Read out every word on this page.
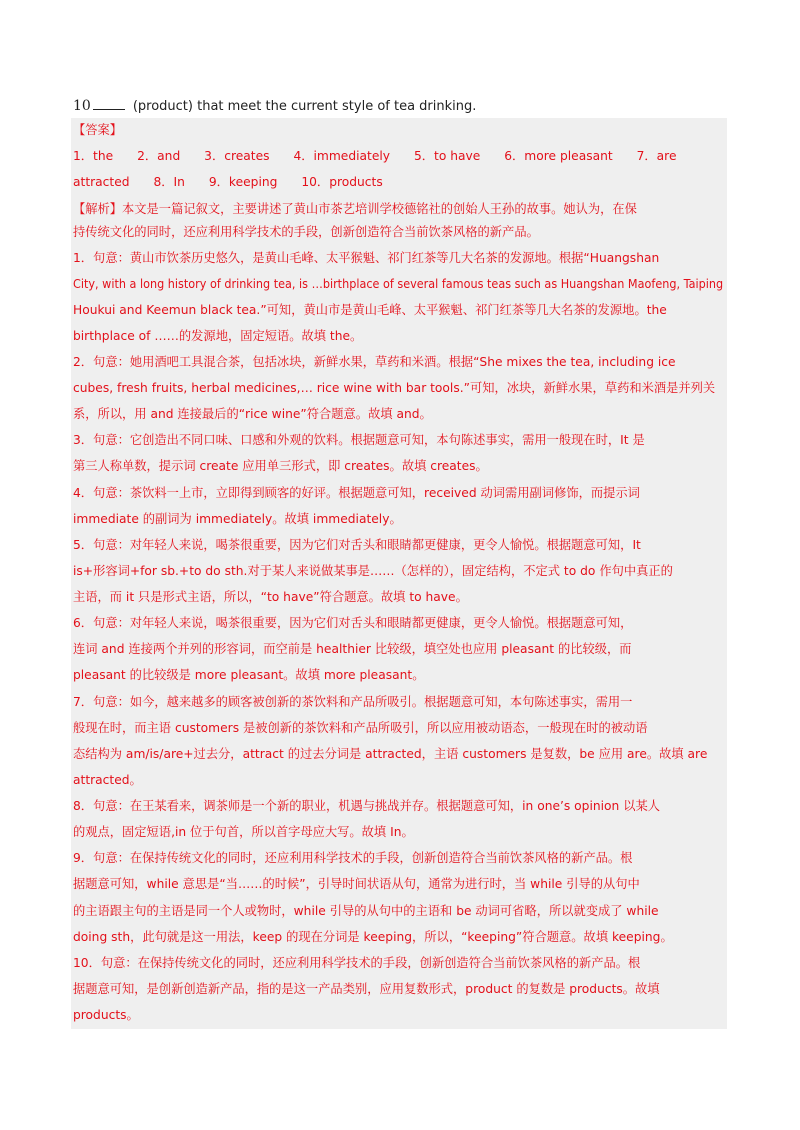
10	(product) that meet the current style of tea drinking.
【答案】
1．the 2．and 3．creates 4．immediately 5．to have 6．more pleasant 7．are
attracted 8．In 9．keeping 10．products
【解析】本文是一篇记叙文，主要讲述了黄山市茶艺培训学校德铭社的创始人王孙的故事。她认为，在保
持传统文化的同时，还应利用科学技术的手段，创新创造符合当前饮茶风格的新产品。
1．句意：黄山市饮茶历史悠久，是黄山毛峰、太平猴魁、祁门红茶等几大名茶的发源地。根据“Huangshan
City, with a long history of drinking tea, is …birthplace of several famous teas such as Huangshan Maofeng, Taiping
Houkui and Keemun black tea.”可知，黄山市是黄山毛峰、太平猴魁、祁门红茶等几大名茶的发源地。the
birthplace of ……的发源地，固定短语。故填 the。
2．句意：她用酒吧工具混合茶，包括冰块，新鲜水果，草药和米酒。根据“She mixes the tea, including ice
cubes, fresh fruits, herbal medicines,… rice wine with bar tools.”可知，冰块，新鲜水果，草药和米酒是并列关
系，所以，用 and 连接最后的“rice wine”符合题意。故填 and。
3．句意：它创造出不同口味、口感和外观的饮料。根据题意可知，本句陈述事实，需用一般现在时，It 是
第三人称单数，提示词 create 应用单三形式，即 creates。故填 creates。
4．句意：茶饮料一上市，立即得到顾客的好评。根据题意可知，received 动词需用副词修饰，而提示词
immediate 的副词为 immediately。故填 immediately。
5．句意：对年轻人来说，喝茶很重要，因为它们对舌头和眼睛都更健康，更令人愉悦。根据题意可知，It
is+形容词+for sb.+to do sth.对于某人来说做某事是……（怎样的），固定结构，不定式 to do 作句中真正的
主语，而 it 只是形式主语，所以，“to have”符合题意。故填 to have。
6．句意：对年轻人来说，喝茶很重要，因为它们对舌头和眼睛都更健康，更令人愉悦。根据题意可知，
连词 and 连接两个并列的形容词，而空前是 healthier 比较级，填空处也应用 pleasant 的比较级，而
pleasant 的比较级是 more pleasant。故填 more pleasant。
7．句意：如今，越来越多的顾客被创新的茶饮料和产品所吸引。根据题意可知，本句陈述事实，需用一
般现在时，而主语 customers 是被创新的茶饮料和产品所吸引，所以应用被动语态，一般现在时的被动语
态结构为 am/is/are+过去分，attract 的过去分词是 attracted，主语 customers 是复数，be 应用 are。故填 are
attracted。
8．句意：在王某看来，调茶师是一个新的职业，机遇与挑战并存。根据题意可知，in one’s opinion 以某人
的观点，固定短语,in 位于句首，所以首字母应大写。故填 In。
9．句意：在保持传统文化的同时，还应利用科学技术的手段，创新创造符合当前饮茶风格的新产品。根
据题意可知，while 意思是“当……的时候”，引导时间状语从句，通常为进行时，当 while 引导的从句中
的主语跟主句的主语是同一个人或物时，while 引导的从句中的主语和 be 动词可省略，所以就变成了 while
doing sth，此句就是这一用法，keep 的现在分词是 keeping，所以，“keeping”符合题意。故填 keeping。
10．句意：在保持传统文化的同时，还应利用科学技术的手段，创新创造符合当前饮茶风格的新产品。根
据题意可知，是创新创造新产品，指的是这一产品类别，应用复数形式，product 的复数是 products。故填
products。
